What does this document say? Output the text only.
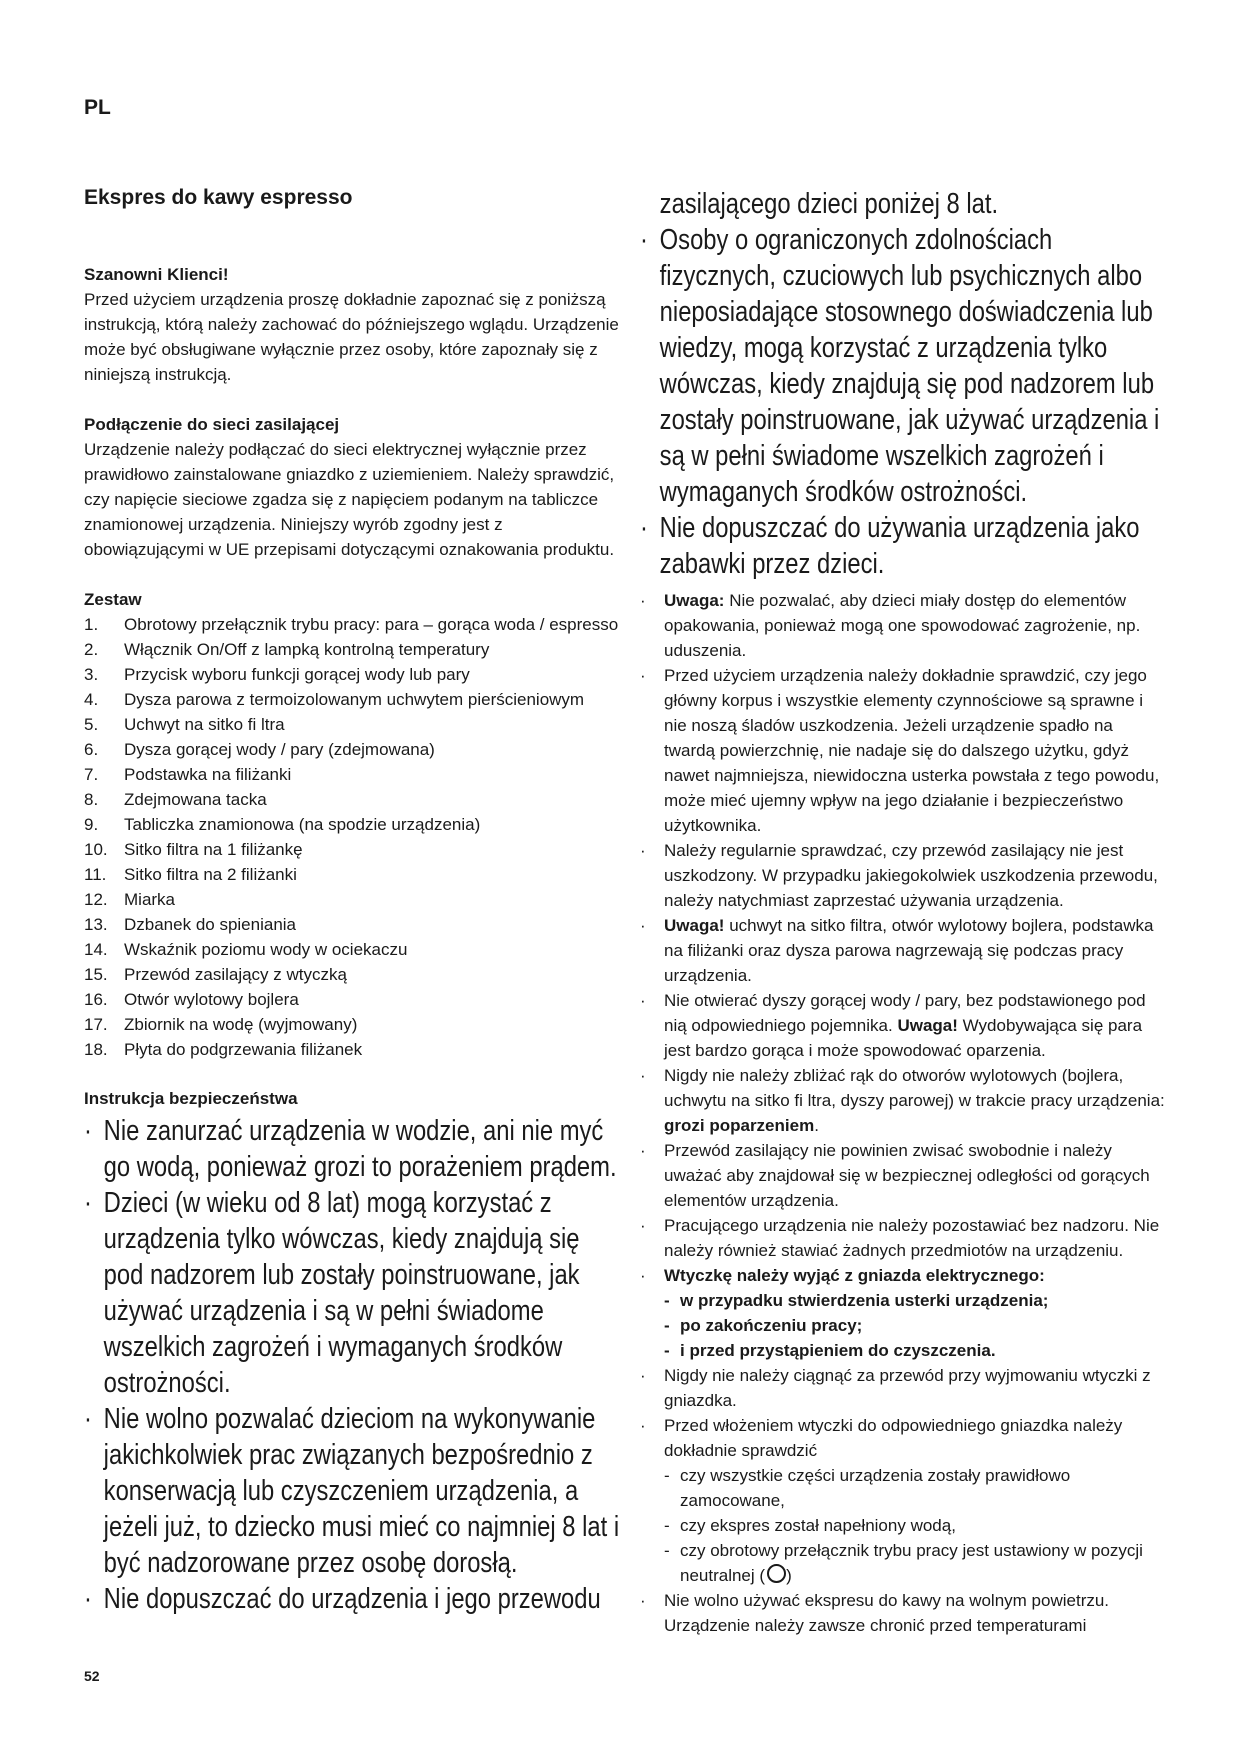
PL
Ekspres do kawy espresso

Szanowni Klienci!

Przed użyciem urządzenia proszę dokładnie zapoznać się z poniższą instrukcją, którą należy zachować do późniejszego wglądu. Urządzenie może być obsługiwane wyłącznie przez osoby, które zapoznały się z niniejszą instrukcją.

Podłączenie do sieci zasilającej

Urządzenie należy podłączać do sieci elektrycznej wyłącznie przez prawidłowo zainstalowane gniazdko z uziemieniem. Należy sprawdzić, czy napięcie sieciowe zgadza się z napięciem podanym na tabliczce znamionowej urządzenia. Niniejszy wyrób zgodny jest z obowiązującymi w UE przepisami dotyczącymi oznakowania produktu.

Zestaw

1. Obrotowy przełącznik trybu pracy: para – gorąca woda / espresso
2. Włącznik On/Off z lampką kontrolną temperatury
3. Przycisk wyboru funkcji gorącej wody lub pary
4. Dysza parowa z termoizolowanym uchwytem pierścieniowym
5. Uchwyt na sitko fi ltra
6. Dysza gorącej wody / pary (zdejmowana)
7. Podstawka na filiżanki
8. Zdejmowana tacka
9. Tabliczka znamionowa (na spodzie urządzenia)
10. Sitko filtra na 1 filiżankę
11. Sitko filtra na 2 filiżanki
12. Miarka
13. Dzbanek do spieniania
14. Wskaźnik poziomu wody w ociekaczu
15. Przewód zasilający z wtyczką
16. Otwór wylotowy bojlera
17. Zbiornik na wodę (wyjmowany)
18. Płyta do podgrzewania filiżanek

Instrukcja bezpieczeństwa

· Nie zanurzać urządzenia w wodzie, ani nie myć go wodą, ponieważ grozi to porażeniem prądem.
· Dzieci (w wieku od 8 lat) mogą korzystać z urządzenia tylko wówczas, kiedy znajdują się pod nadzorem lub zostały poinstruowane, jak używać urządzenia i są w pełni świadome wszelkich zagrożeń i wymaganych środków ostrożności.
· Nie wolno pozwalać dzieciom na wykonywanie jakichkolwiek prac związanych bezpośrednio z konserwacją lub czyszczeniem urządzenia, a jeżeli już, to dziecko musi mieć co najmniej 8 lat i być nadzorowane przez osobę dorosłą.
· Nie dopuszczać do urządzenia i jego przewodu
zasilającego dzieci poniżej 8 lat.
· Osoby o ograniczonych zdolnościach fizycznych, czuciowych lub psychicznych albo nieposiadające stosownego doświadczenia lub wiedzy, mogą korzystać z urządzenia tylko wówczas, kiedy znajdują się pod nadzorem lub zostały poinstruowane, jak używać urządzenia i są w pełni świadome wszelkich zagrożeń i wymaganych środków ostrożności.
· Nie dopuszczać do używania urządzenia jako zabawki przez dzieci.
· Uwaga: Nie pozwalać, aby dzieci miały dostęp do elementów opakowania, ponieważ mogą one spowodować zagrożenie, np. uduszenia.
· Przed użyciem urządzenia należy dokładnie sprawdzić, czy jego główny korpus i wszystkie elementy czynnościowe są sprawne i nie noszą śladów uszkodzenia. Jeżeli urządzenie spadło na twardą powierzchnię, nie nadaje się do dalszego użytku, gdyż nawet najmniejsza, niewidoczna usterka powstała z tego powodu, może mieć ujemny wpływ na jego działanie i bezpieczeństwo użytkownika.
· Należy regularnie sprawdzać, czy przewód zasilający nie jest uszkodzony. W przypadku jakiegokolwiek uszkodzenia przewodu, należy natychmiast zaprzestać używania urządzenia.
· Uwaga! uchwyt na sitko filtra, otwór wylotowy bojlera, podstawka na filiżanki oraz dysza parowa nagrzewają się podczas pracy urządzenia.
· Nie otwierać dyszy gorącej wody / pary, bez podstawionego pod nią odpowiedniego pojemnika. Uwaga! Wydobywająca się para jest bardzo gorąca i może spowodować oparzenia.
· Nigdy nie należy zbliżać rąk do otworów wylotowych (bojlera, uchwytu na sitko fi ltra, dyszy parowej) w trakcie pracy urządzenia: grozi poparzeniem.
· Przewód zasilający nie powinien zwisać swobodnie i należy uważać aby znajdował się w bezpiecznej odległości od gorących elementów urządzenia.
· Pracującego urządzenia nie należy pozostawiać bez nadzoru. Nie należy również stawiać żadnych przedmiotów na urządzeniu.
· Wtyczkę należy wyjąć z gniazda elektrycznego:
- w przypadku stwierdzenia usterki urządzenia;
- po zakończeniu pracy;
- i przed przystąpieniem do czyszczenia.
· Nigdy nie należy ciągnąć za przewód przy wyjmowaniu wtyczki z gniazdka.
· Przed włożeniem wtyczki do odpowiedniego gniazdka należy dokładnie sprawdzić
- czy wszystkie części urządzenia zostały prawidłowo zamocowane,
- czy ekspres został napełniony wodą,
- czy obrotowy przełącznik trybu pracy jest ustawiony w pozycji neutralnej ( )
· Nie wolno używać ekspresu do kawy na wolnym powietrzu. Urządzenie należy zawsze chronić przed temperaturami
52
